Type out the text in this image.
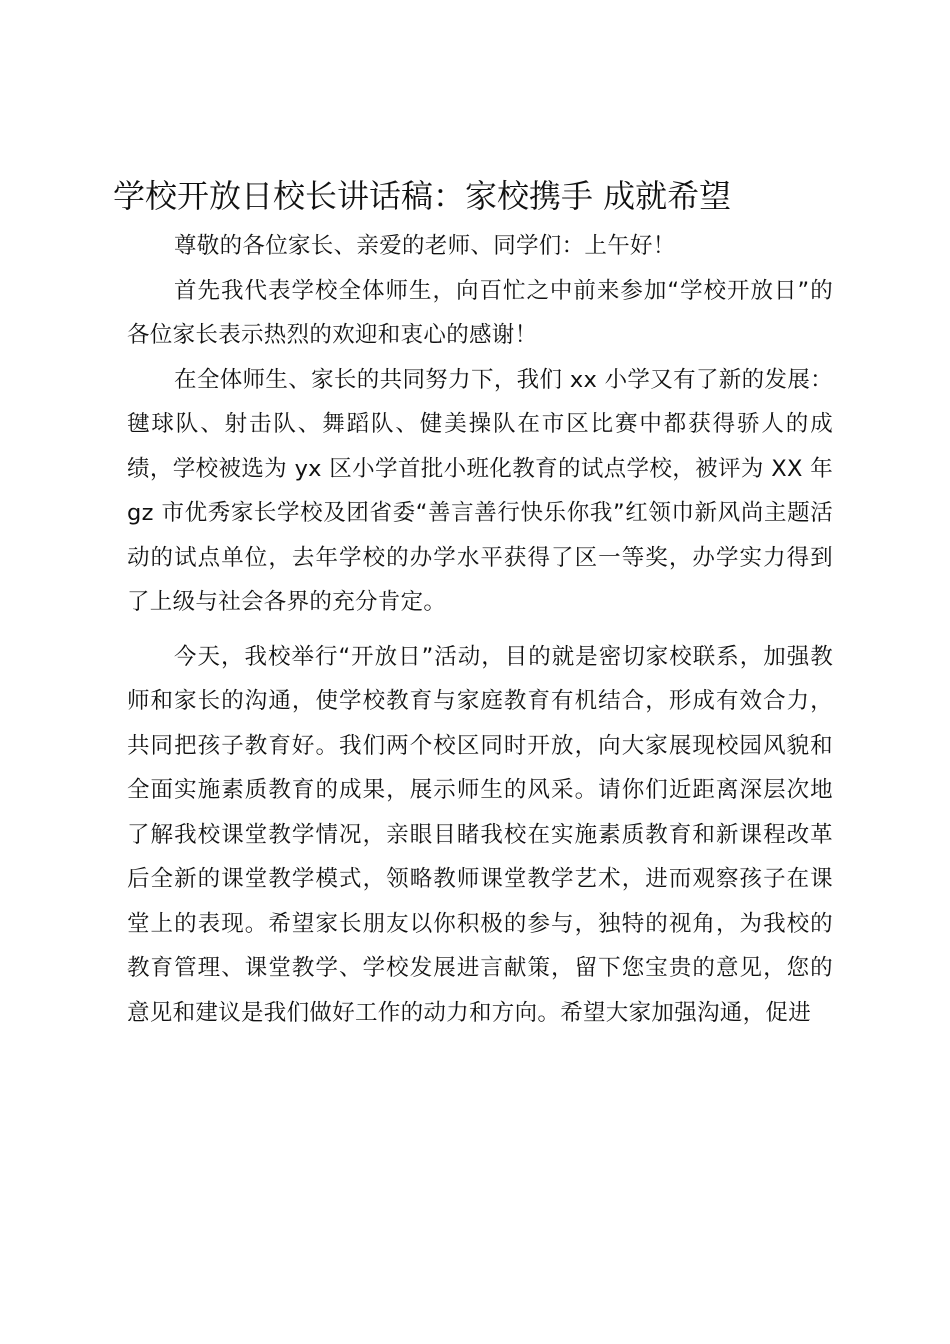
学校开放日校长讲话稿：家校携手 成就希望

尊敬的各位家长、亲爱的老师、同学们：上午好！

首先我代表学校全体师生，向百忙之中前来参加“学校开放日”的各位家长表示热烈的欢迎和衷心的感谢！

在全体师生、家长的共同努力下，我们 xx 小学又有了新的发展：毽球队、射击队、舞蹈队、健美操队在市区比赛中都获得骄人的成绩，学校被选为 yx 区小学首批小班化教育的试点学校，被评为 XX 年 gz 市优秀家长学校及团省委“善言善行快乐你我”红领巾新风尚主题活动的试点单位，去年学校的办学水平获得了区一等奖，办学实力得到了上级与社会各界的充分肯定。

今天，我校举行“开放日”活动，目的就是密切家校联系，加强教师和家长的沟通，使学校教育与家庭教育有机结合，形成有效合力，共同把孩子教育好。我们两个校区同时开放，向大家展现校园风貌和全面实施素质教育的成果，展示师生的风采。请你们近距离深层次地了解我校课堂教学情况，亲眼目睹我校在实施素质教育和新课程改革后全新的课堂教学模式，领略教师课堂教学艺术，进而观察孩子在课堂上的表现。希望家长朋友以你积极的参与，独特的视角，为我校的教育管理、课堂教学、学校发展进言献策，留下您宝贵的意见，您的意见和建议是我们做好工作的动力和方向。希望大家加强沟通，促进
